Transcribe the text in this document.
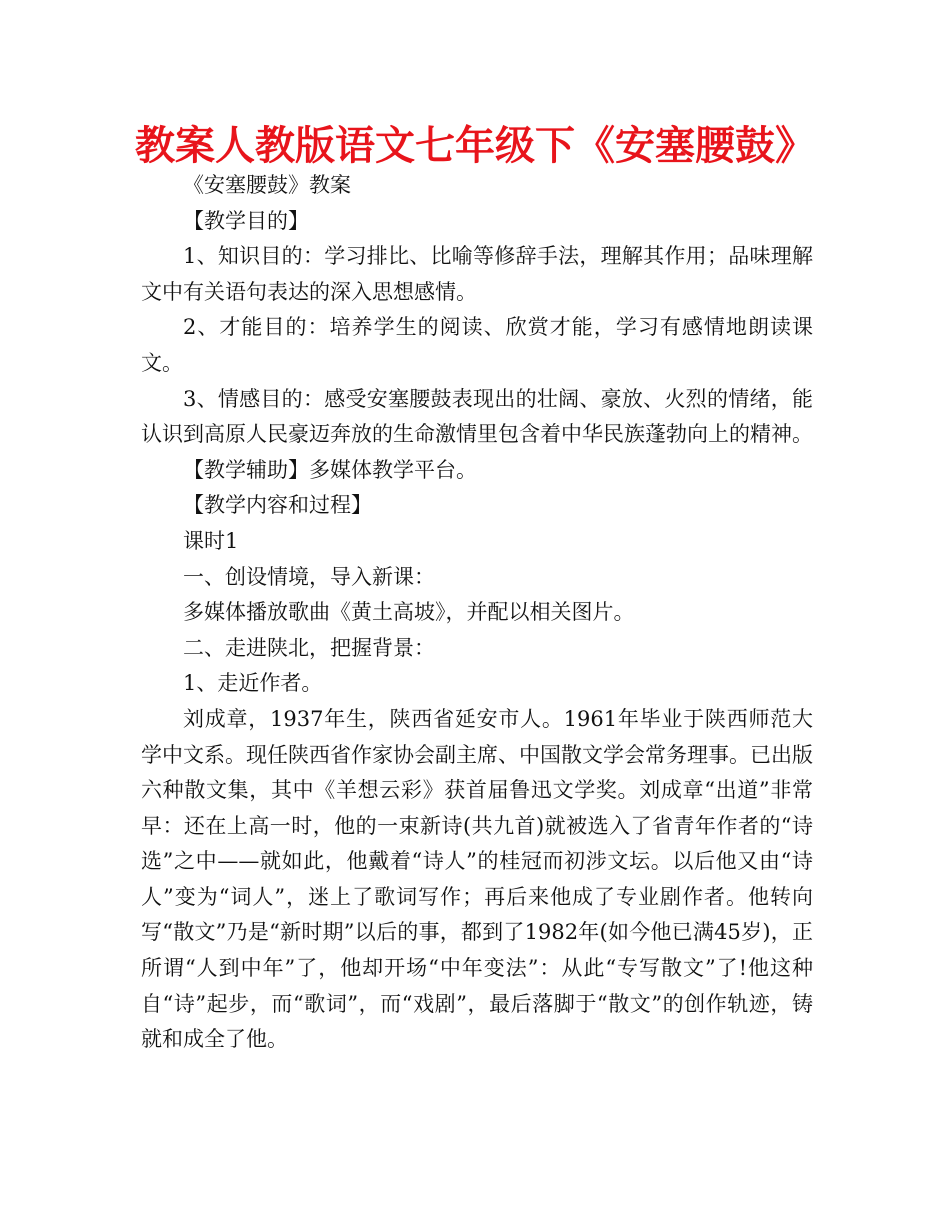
教案人教版语文七年级下《安塞腰鼓》

《安塞腰鼓》教案

【教学目的】

1、知识目的：学习排比、比喻等修辞手法，理解其作用；品味理解文中有关语句表达的深入思想感情。

2、才能目的：培养学生的阅读、欣赏才能，学习有感情地朗读课文。

3、情感目的：感受安塞腰鼓表现出的壮阔、豪放、火烈的情绪，能认识到高原人民豪迈奔放的生命激情里包含着中华民族蓬勃向上的精神。

【教学辅助】多媒体教学平台。

【教学内容和过程】

课时1

一、创设情境，导入新课：

多媒体播放歌曲《黄土高坡》，并配以相关图片。

二、走进陕北，把握背景：

1、走近作者。

刘成章，1937年生，陕西省延安市人。1961年毕业于陕西师范大学中文系。现任陕西省作家协会副主席、中国散文学会常务理事。已出版六种散文集，其中《羊想云彩》获首届鲁迅文学奖。刘成章“出道”非常早：还在上高一时，他的一束新诗(共九首)就被选入了省青年作者的“诗选”之中——就如此，他戴着“诗人”的桂冠而初涉文坛。以后他又由“诗人”变为“词人”，迷上了歌词写作；再后来他成了专业剧作者。他转向写“散文”乃是“新时期”以后的事，都到了1982年(如今他已满45岁)，正所谓“人到中年”了，他却开场“中年变法”：从此“专写散文”了!他这种自“诗”起步，而“歌词”，而“戏剧”，最后落脚于“散文”的创作轨迹，铸就和成全了他。
